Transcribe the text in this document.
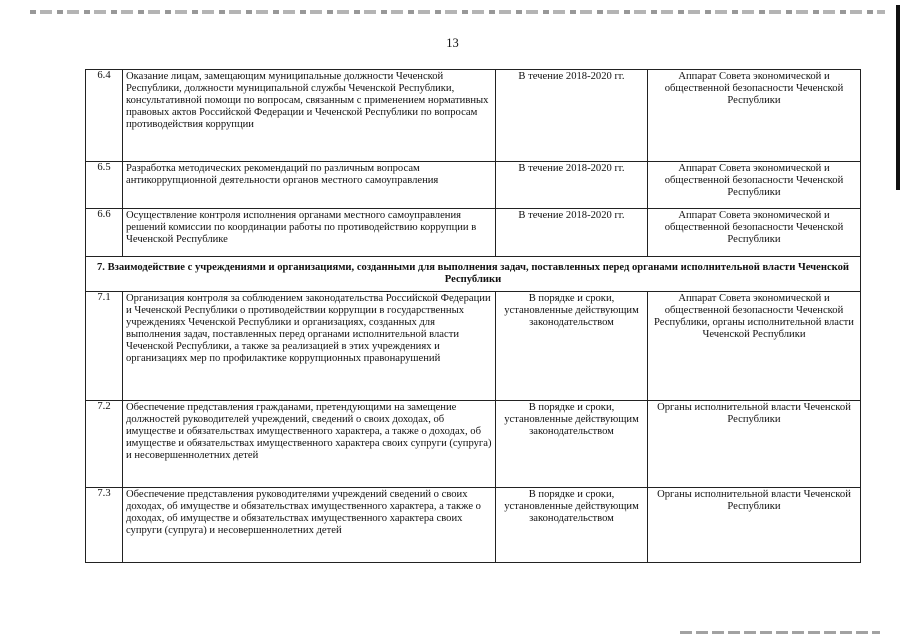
13
6.4	Оказание лицам, замещающим муниципальные должности Чеченской Республики, должности муниципальной службы Чеченской Республики, консультативной помощи по вопросам, связанным с применением нормативных правовых актов Российской Федерации и Чеченской Республики по вопросам противодействия коррупции	В течение 2018-2020 гг.	Аппарат Совета экономической и общественной безопасности Чеченской Республики

6.5	Разработка методических рекомендаций по различным вопросам антикоррупционной деятельности органов местного самоуправления	В течение 2018-2020 гг.	Аппарат Совета экономической и общественной безопасности Чеченской Республики

6.6	Осуществление контроля исполнения органами местного самоуправления решений комиссии по координации работы по противодействию коррупции в Чеченской Республике	В течение 2018-2020 гг.	Аппарат Совета экономической и общественной безопасности Чеченской Республики

7. Взаимодействие с учреждениями и организациями, созданными для выполнения задач, поставленных перед органами исполнительной власти Чеченской Республики			
7.1	Организация контроля за соблюдением законодательства Российской Федерации и Чеченской Республики о противодействии коррупции в государственных учреждениях Чеченской Республики и организациях, созданных для выполнения задач, поставленных перед органами исполнительной власти Чеченской Республики, а также за реализацией в этих учреждениях и организациях мер по профилактике коррупционных правонарушений	В порядке и сроки, установленные действующим законодательством	Аппарат Совета экономической и общественной безопасности Чеченской Республики, органы исполнительной власти Чеченской Республики

7.2	Обеспечение представления гражданами, претендующими на замещение должностей руководителей учреждений, сведений о своих доходах, об имуществе и обязательствах имущественного характера, а также о доходах, об имуществе и обязательствах имущественного характера своих супруги (супруга) и несовершеннолетних детей	В порядке и сроки, установленные действующим законодательством	Органы исполнительной власти Чеченской Республики

7.3	Обеспечение представления руководителями учреждений сведений о своих доходах, об имуществе и обязательствах имущественного характера, а также о доходах, об имуществе и обязательствах имущественного характера своих супруги (супруга) и несовершеннолетних детей	В порядке и сроки, установленные действующим законодательством	Органы исполнительной власти Чеченской Республики
